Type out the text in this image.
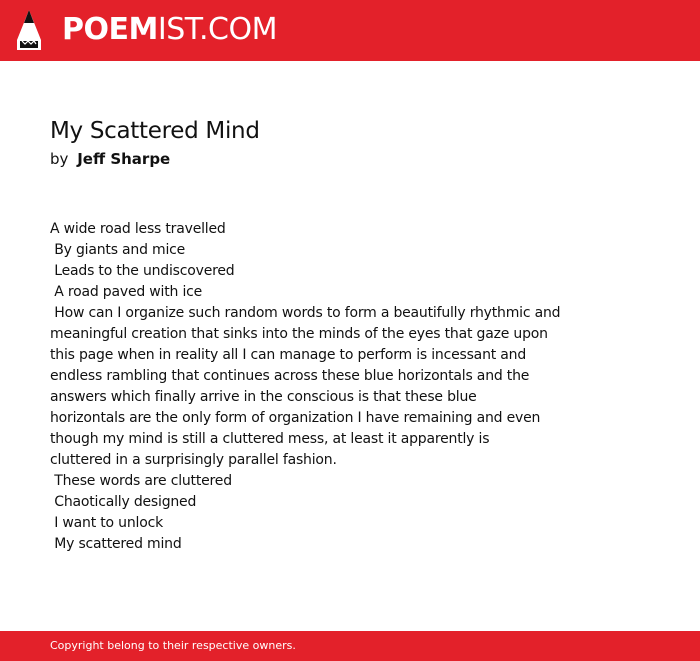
POEMIST.COM
My Scattered Mind
by Jeff Sharpe
A wide road less travelled
By giants and mice
Leads to the undiscovered
A road paved with ice
How can I organize such random words to form a beautifully rhythmic and
meaningful creation that sinks into the minds of the eyes that gaze upon
this page when in reality all I can manage to perform is incessant and
endless rambling that continues across these blue horizontals and the
answers which finally arrive in the conscious is that these blue
horizontals are the only form of organization I have remaining and even
though my mind is still a cluttered mess, at least it apparently is
cluttered in a surprisingly parallel fashion.
These words are cluttered
Chaotically designed
I want to unlock
My scattered mind
Copyright belong to their respective owners.
